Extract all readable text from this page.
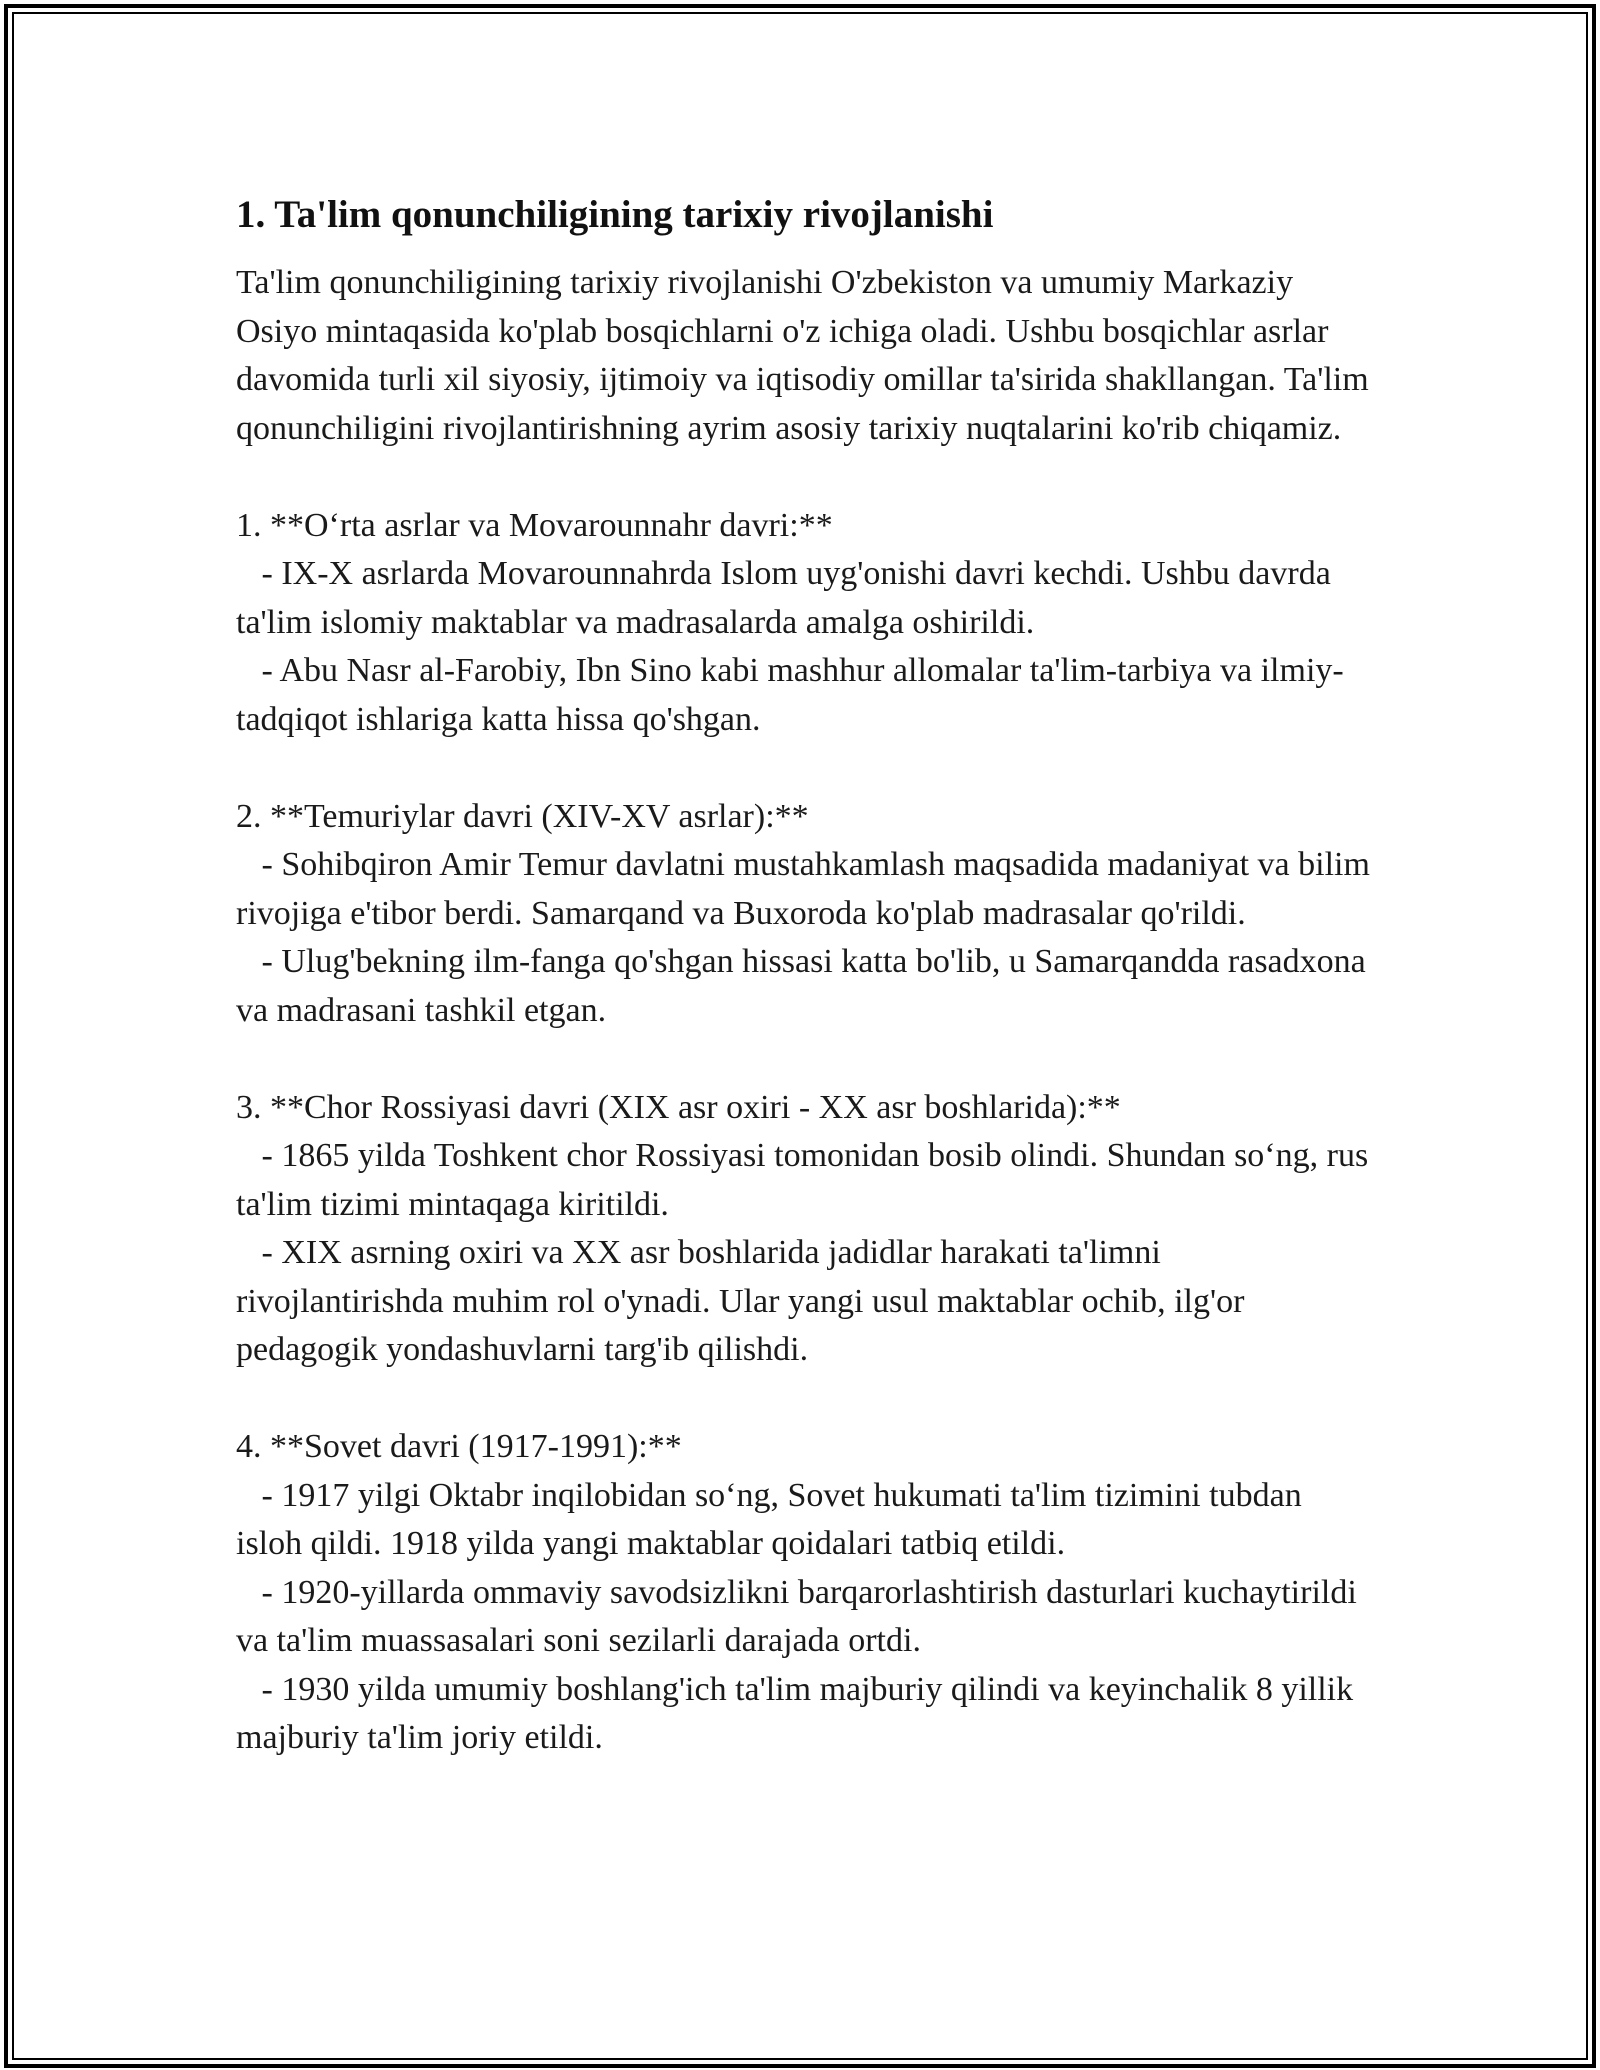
1. Ta'lim qonunchiligining tarixiy rivojlanishi

Ta'lim qonunchiligining tarixiy rivojlanishi O'zbekiston va umumiy Markaziy Osiyo mintaqasida ko'plab bosqichlarni o'z ichiga oladi. Ushbu bosqichlar asrlar davomida turli xil siyosiy, ijtimoiy va iqtisodiy omillar ta'sirida shakllangan. Ta'lim qonunchiligini rivojlantirishning ayrim asosiy tarixiy nuqtalarini ko'rib chiqamiz.

1. **O‘rta asrlar va Movarounnahr davri:**

- IX-X asrlarda Movarounnahrda Islom uyg'onishi davri kechdi. Ushbu davrda ta'lim islomiy maktablar va madrasalarda amalga oshirildi.

- Abu Nasr al-Farobiy, Ibn Sino kabi mashhur allomalar ta'lim-tarbiya va ilmiy-tadqiqot ishlariga katta hissa qo'shgan.

2. **Temuriylar davri (XIV-XV asrlar):**

- Sohibqiron Amir Temur davlatni mustahkamlash maqsadida madaniyat va bilim rivojiga e'tibor berdi. Samarqand va Buxoroda ko'plab madrasalar qo'rildi.

- Ulug'bekning ilm-fanga qo'shgan hissasi katta bo'lib, u Samarqandda rasadxona va madrasani tashkil etgan.

3. **Chor Rossiyasi davri (XIX asr oxiri - XX asr boshlarida):**

- 1865 yilda Toshkent chor Rossiyasi tomonidan bosib olindi. Shundan so‘ng, rus ta'lim tizimi mintaqaga kiritildi.

- XIX asrning oxiri va XX asr boshlarida jadidlar harakati ta'limni rivojlantirishda muhim rol o'ynadi. Ular yangi usul maktablar ochib, ilg'or pedagogik yondashuvlarni targ'ib qilishdi.

4. **Sovet davri (1917-1991):**

- 1917 yilgi Oktabr inqilobidan so‘ng, Sovet hukumati ta'lim tizimini tubdan isloh qildi. 1918 yilda yangi maktablar qoidalari tatbiq etildi.

- 1920-yillarda ommaviy savodsizlikni barqarorlashtirish dasturlari kuchaytirildi va ta'lim muassasalari soni sezilarli darajada ortdi.

- 1930 yilda umumiy boshlang'ich ta'lim majburiy qilindi va keyinchalik 8 yillik majburiy ta'lim joriy etildi.
